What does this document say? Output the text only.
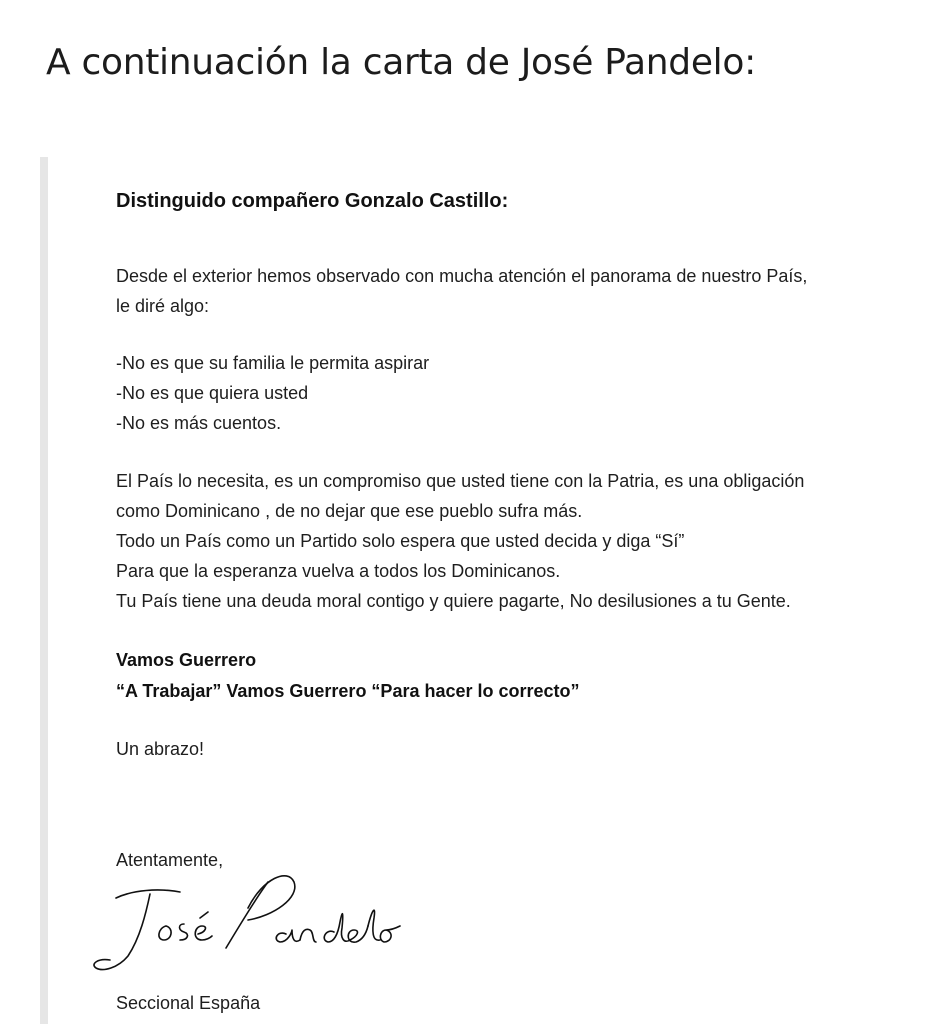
A continuación la carta de José Pandelo:

Distinguido compañero Gonzalo Castillo:

Desde el exterior hemos observado con mucha atención el panorama de nuestro País,

le diré algo:

-No es que su familia le permita aspirar

-No es que quiera usted

-No es más cuentos.

El País lo necesita, es un compromiso que usted tiene con la Patria, es una obligación

como Dominicano , de no dejar que ese pueblo sufra más.

Todo un País como un Partido solo espera que usted decida y diga “Sí”

Para que la esperanza vuelva a todos los Dominicanos.

Tu País tiene una deuda moral contigo y quiere pagarte, No desilusiones a tu Gente.

Vamos Guerrero

“A Trabajar” Vamos Guerrero “Para hacer lo correcto”

Un abrazo!

Atentamente,

Seccional España
